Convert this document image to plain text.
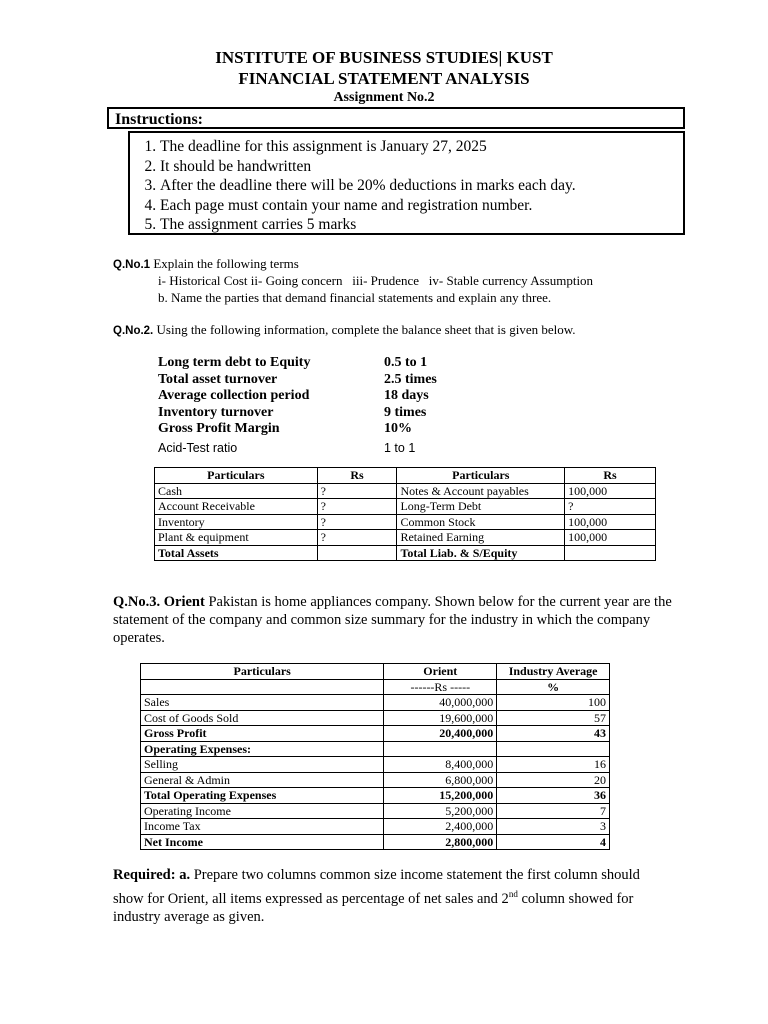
INSTITUTE OF BUSINESS STUDIES| KUST
FINANCIAL STATEMENT ANALYSIS
Assignment No.2
Instructions:
1. The deadline for this assignment is January 27, 2025
2. It should be handwritten
3. After the deadline there will be 20% deductions in marks each day.
4. Each page must contain your name and registration number.
5. The assignment carries 5 marks
Q.No.1 Explain the following terms
i- Historical Cost ii- Going concern   iii- Prudence   iv- Stable currency Assumption
b. Name the parties that demand financial statements and explain any three.
Q.No.2. Using the following information, complete the balance sheet that is given below.
Long term debt to Equity	0.5 to 1
Total asset turnover	2.5 times
Average collection period	18 days
Inventory turnover	9 times
Gross Profit Margin	10%
Acid-Test ratio	1 to 1
Particulars	Rs	Particulars	Rs
Cash	?	Notes & Account payables	100,000
Account Receivable	?	Long-Term Debt	?
Inventory	?	Common Stock	100,000
Plant & equipment	?	Retained Earning	100,000
Total Assets		Total Liab. & S/Equity	
Q.No.3. Orient Pakistan is home appliances company. Shown below for the current year are the statement of the company and common size summary for the industry in which the company operates.
Particulars	Orient	Industry Average
	------Rs -----	%
Sales	40,000,000	100
Cost of Goods Sold	19,600,000	57
Gross Profit	20,400,000	43
Operating Expenses:		
Selling	8,400,000	16
General & Admin	6,800,000	20
Total Operating Expenses	15,200,000	36
Operating Income	5,200,000	7
Income Tax	2,400,000	3
Net Income	2,800,000	4
Required: a. Prepare two columns common size income statement the first column should show for Orient, all items expressed as percentage of net sales and 2nd column showed for industry average as given.
